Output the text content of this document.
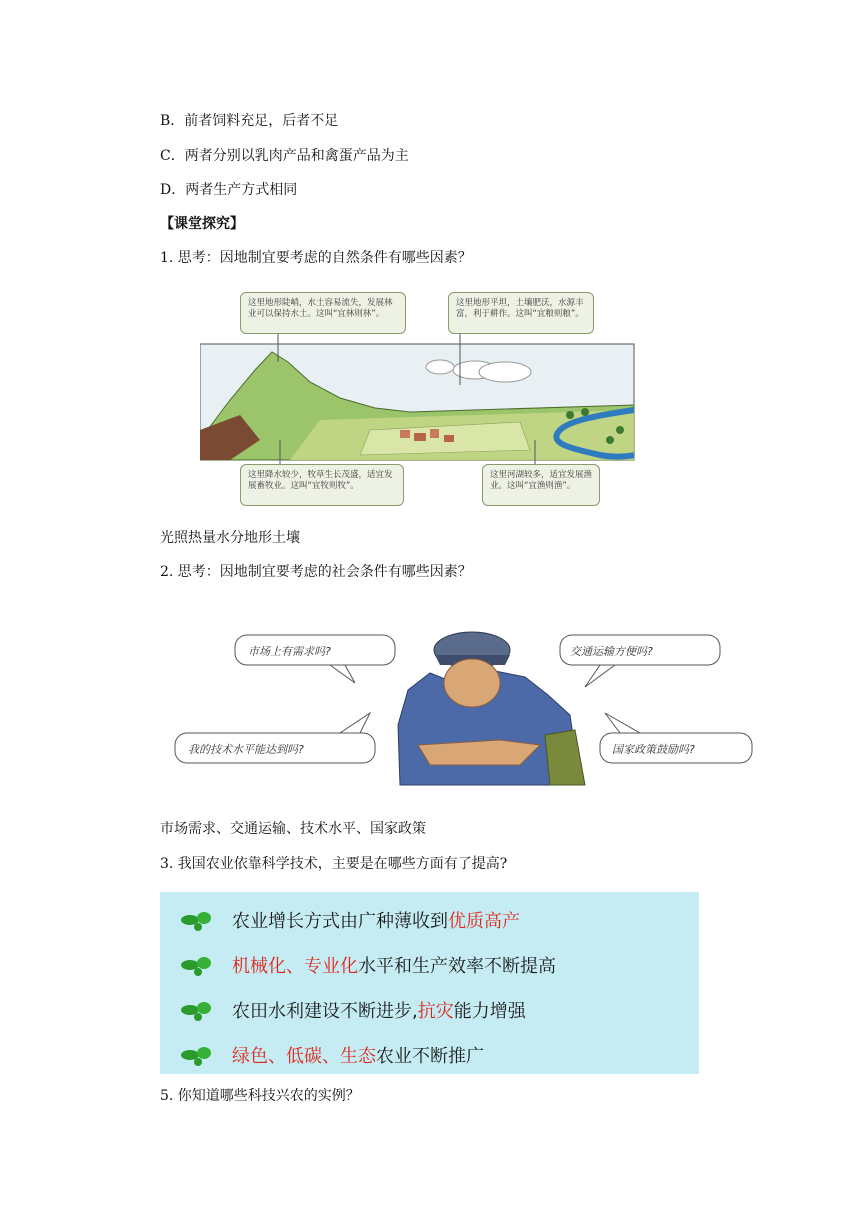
B．前者饲料充足，后者不足
C．两者分别以乳肉产品和禽蛋产品为主
D．两者生产方式相同
【课堂探究】
1. 思考：因地制宜要考虑的自然条件有哪些因素？
这里地形陡峭，水土容易流失，发展林业可以保持水土。这叫“宜林则林”。
这里地形平坦，土壤肥沃，水源丰富，利于耕作。这叫“宜粮则粮”。
这里降水较少，牧草生长茂盛，适宜发展畜牧业。这叫“宜牧则牧”。
这里河湖较多，适宜发展渔业。这叫“宜渔则渔”。
光照热量水分地形土壤
2. 思考：因地制宜要考虑的社会条件有哪些因素？
市场上有需求吗?	交通运输方便吗?
我的技术水平能达到吗?	国家政策鼓励吗?
市场需求、交通运输、技术水平、国家政策
3. 我国农业依靠科学技术，主要是在哪些方面有了提高?
农业增长方式由广种薄收到优质高产
机械化、专业化水平和生产效率不断提高
农田水利建设不断进步,抗灾能力增强
绿色、低碳、生态农业不断推广
5. 你知道哪些科技兴农的实例？
